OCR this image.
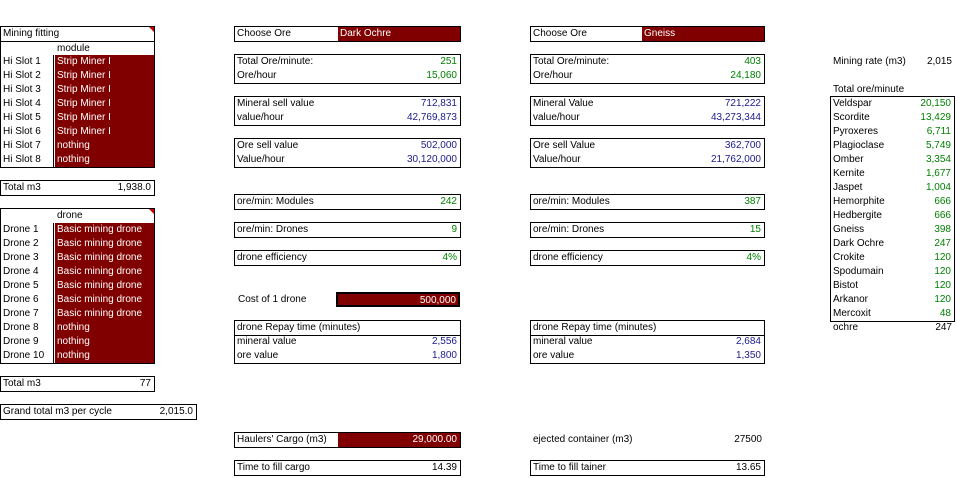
Mining fitting
module
Hi Slot 1	Strip Miner I
Hi Slot 2	Strip Miner I
Hi Slot 3	Strip Miner I
Hi Slot 4	Strip Miner I
Hi Slot 5	Strip Miner I
Hi Slot 6	Strip Miner I
Hi Slot 7	nothing
Hi Slot 8	nothing
Total m3	1,938.0
drone
Drone 1	Basic mining drone
Drone 2	Basic mining drone
Drone 3	Basic mining drone
Drone 4	Basic mining drone
Drone 5	Basic mining drone
Drone 6	Basic mining drone
Drone 7	Basic mining drone
Drone 8	nothing
Drone 9	nothing
Drone 10	nothing
Total m3	77
Grand total m3 per cycle	2,015.0
Choose Ore	Dark Ochre
Total Ore/minute:	251
Ore/hour	15,060
Mineral sell value	712,831
value/hour	42,769,873
Ore sell value	502,000
Value/hour	30,120,000
ore/min: Modules	242
ore/min: Drones	9
drone efficiency	4%
Cost of 1 drone	500,000
drone Repay time (minutes)
mineral value	2,556
ore value	1,800
Haulers' Cargo (m3)	29,000.00
Time to fill cargo	14.39
Choose Ore	Gneiss
Total Ore/minute:	403
Ore/hour	24,180
Mineral Value	721,222
value/hour	43,273,344
Ore sell Value	362,700
Value/hour	21,762,000
ore/min: Modules	387
ore/min: Drones	15
drone efficiency	4%
drone Repay time (minutes)
mineral value	2,684
ore value	1,350
ejected container (m3)	27500
Time to fill tainer	13.65
Mining rate (m3)	2,015
Total ore/minute
Veldspar	20,150
Scordite	13,429
Pyroxeres	6,711
Plagioclase	5,749
Omber	3,354
Kernite	1,677
Jaspet	1,004
Hemorphite	666
Hedbergite	666
Gneiss	398
Dark Ochre	247
Crokite	120
Spodumain	120
Bistot	120
Arkanor	120
Mercoxit	48
ochre	247
